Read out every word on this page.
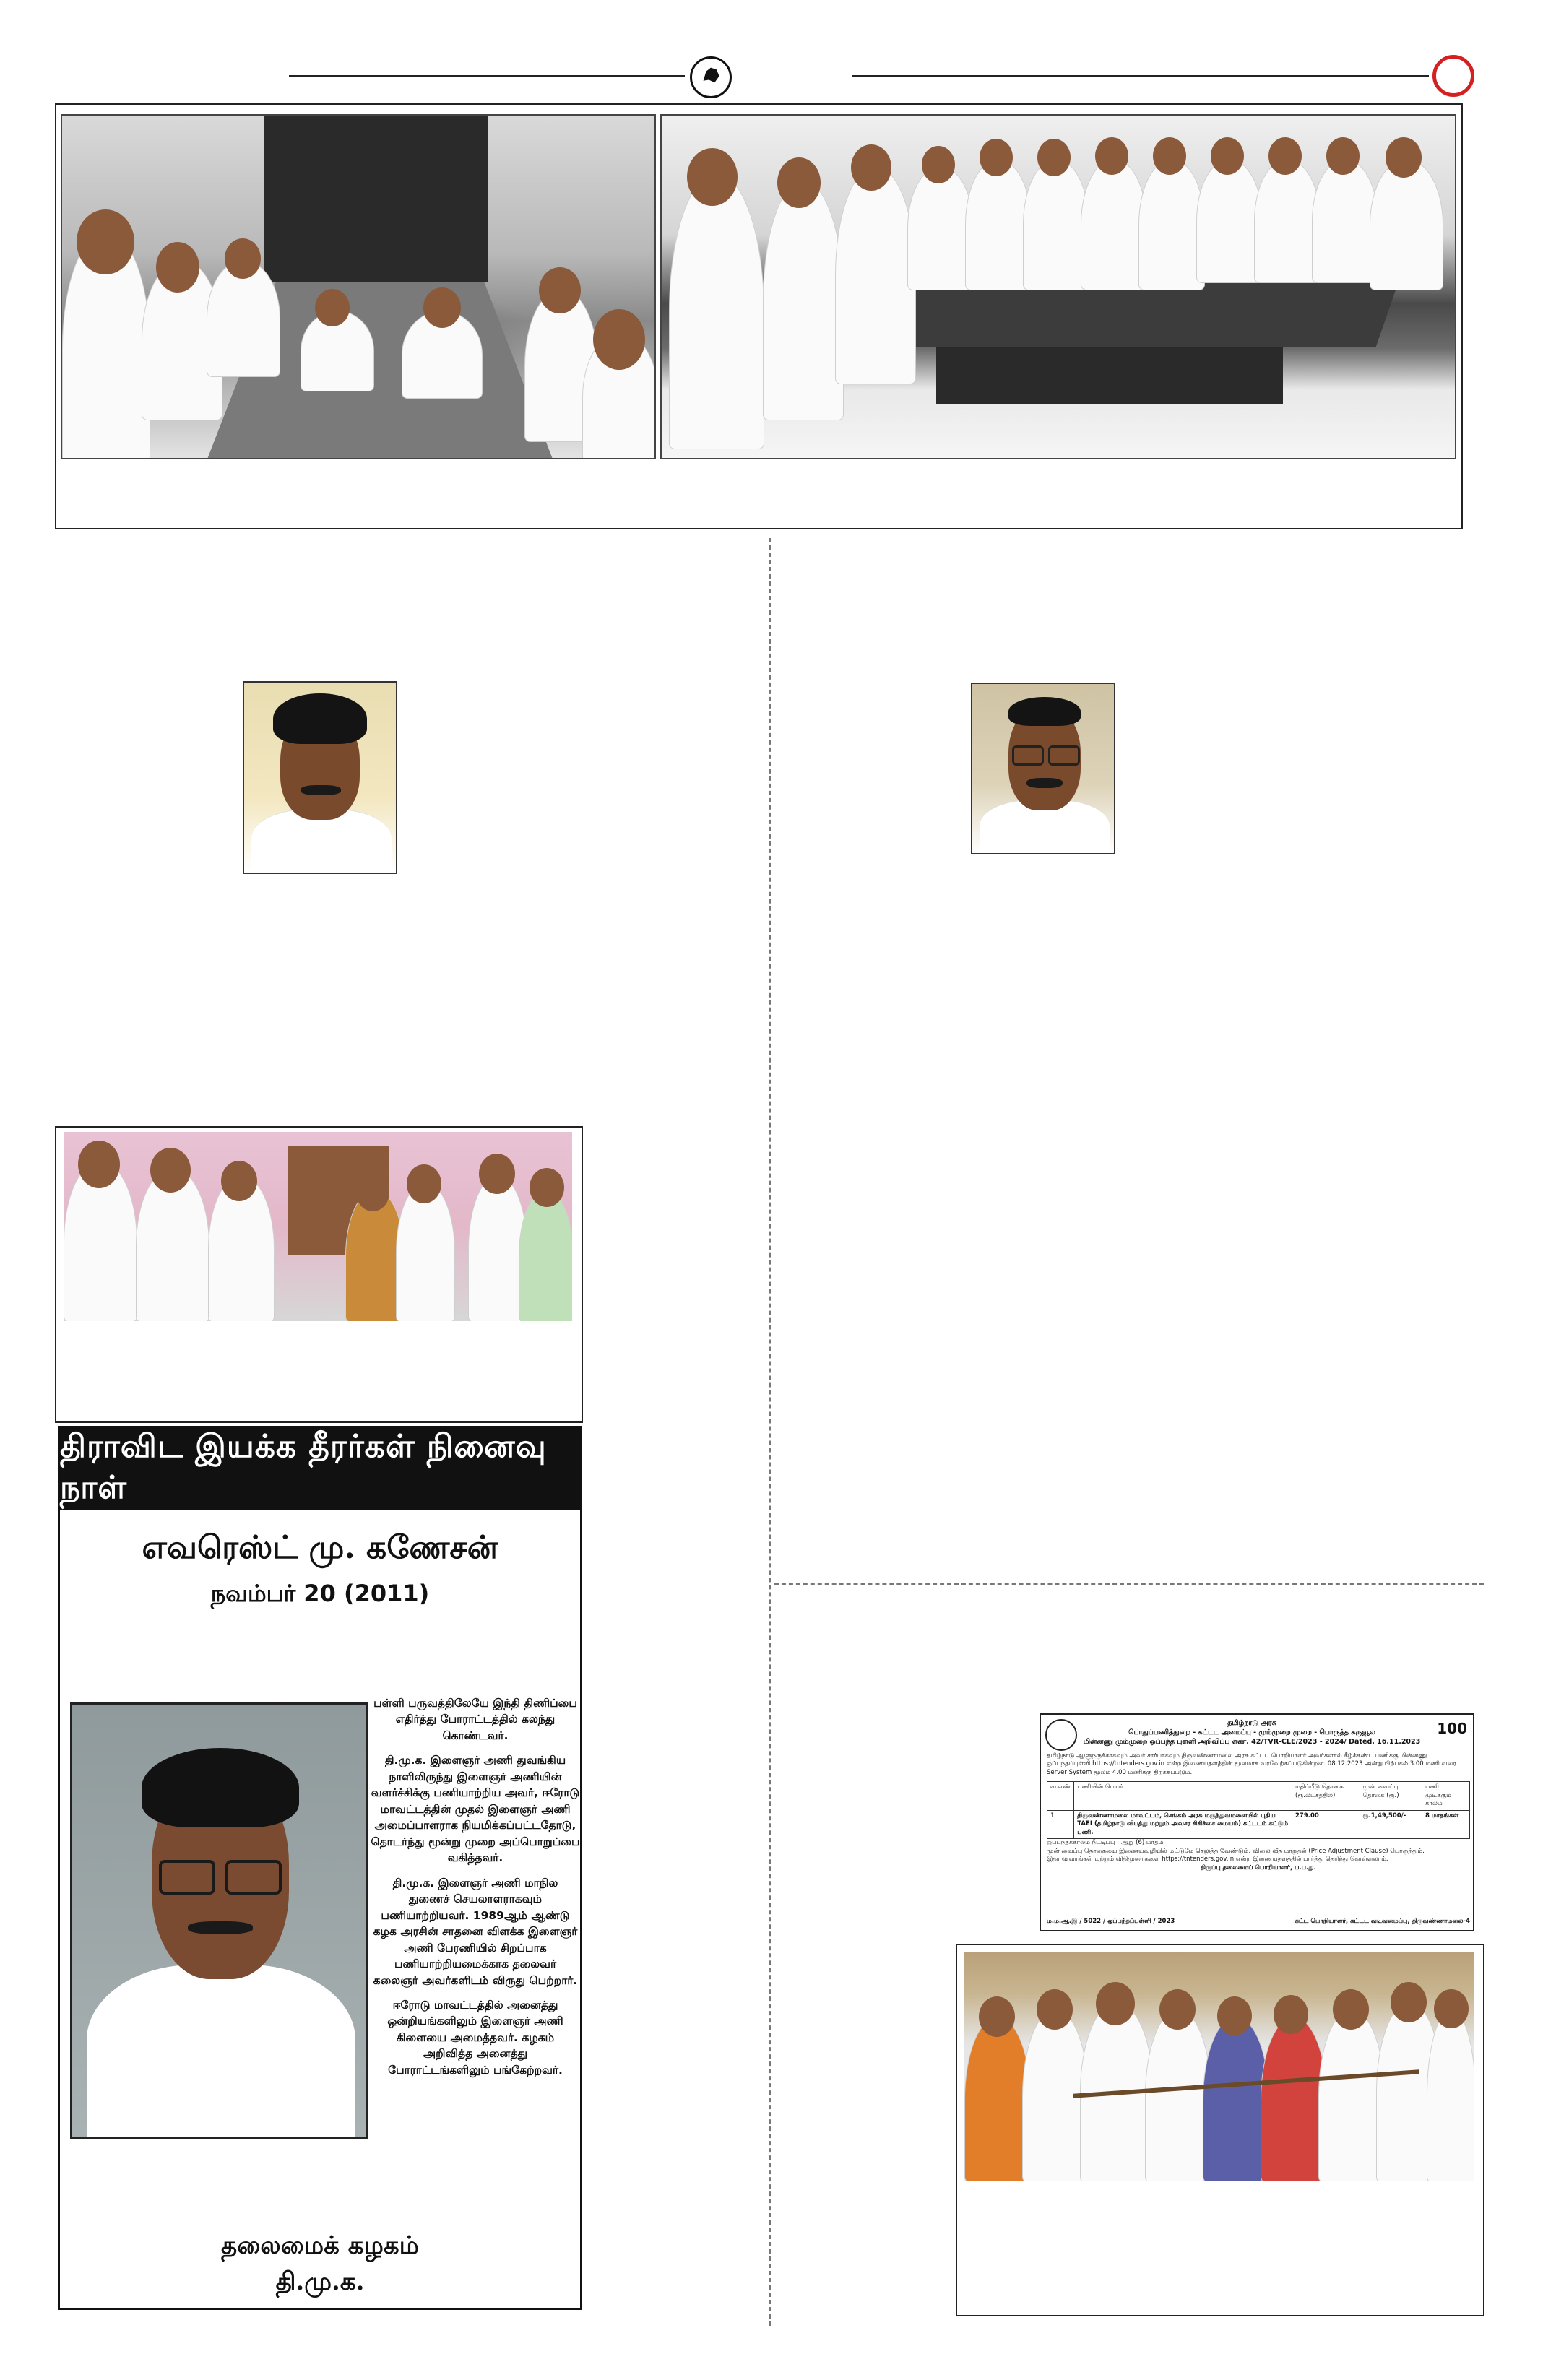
திராவிட இயக்க தீரர்கள் நினைவு நாள்
எவரெஸ்ட் மு. கணேசன்
நவம்பர் 20 (2011)

பள்ளி பருவத்திலேயே இந்தி திணிப்பை எதிர்த்து போராட்டத்தில் கலந்து கொண்டவர்.

தி.மு.க. இளைஞர் அணி துவங்கிய நாளிலிருந்து இளைஞர் அணியின் வளர்ச்சிக்கு பணியாற்றிய அவர், ஈரோடு மாவட்டத்தின் முதல் இளைஞர் அணி அமைப்பாளராக நியமிக்கப்பட்டதோடு, தொடர்ந்து மூன்று முறை அப்பொறுப்பை வகித்தவர்.

தி.மு.க. இளைஞர் அணி மாநில துணைச் செயலாளராகவும் பணியாற்றியவர். 1989ஆம் ஆண்டு கழக அரசின் சாதனை விளக்க இளைஞர் அணி பேரணியில் சிறப்பாக பணியாற்றியமைக்காக தலைவர் கலைஞர் அவர்களிடம் விருது பெற்றார்.

ஈரோடு மாவட்டத்தில் அனைத்து ஒன்றியங்களிலும் இளைஞர் அணி கிளையை அமைத்தவர். கழகம் அறிவித்த அனைத்து போராட்டங்களிலும் பங்கேற்றவர்.

தலைமைக் கழகம்
தி.மு.க.
தமிழ்நாடு அரசு
பொதுப்பணித்துறை - கட்டட அமைப்பு - மும்முறை முறை - பொருத்த கருவூல
மின்னணு மும்முறை ஒப்பந்த புள்ளி அறிவிப்பு எண். 42/TVR-CLE/2023 - 2024/ Dated. 16.11.2023
100
தமிழ்நாடு ஆளுநருக்காகவும் அவர் சார்பாகவும் திருவண்ணாமலை அரசு கட்டட பொறியாளர் அவர்களால் கீழ்க்கண்ட பணிக்கு மின்னணு ஒப்பந்தப்புள்ளி https://tntenders.gov.in என்ற இணையதளத்தின் மூலமாக வரவேற்கப்படுகின்றன. 08.12.2023 அன்று பிற்பகல் 3.00 மணி வரை Server System மூலம் 4.00 மணிக்கு திறக்கப்படும்.
வ.எண்	பணியின் பெயர்	மதிப்பீடு தொகை (ரூ.லட்சத்தில்)	முன் வைப்பு தொகை (ரூ.)	பணி முடிக்கும் காலம்
1	திருவண்ணாமலை மாவட்டம், செங்கம் அரசு மருத்துவமனையில் புதிய TAEI (தமிழ்நாடு விபத்து மற்றும் அவசர சிகிச்சை மையம்) கட்டடம் கட்டும் பணி.	279.00	ரூ.1,49,500/-	8 மாதங்கள்
ஒப்பந்தக்காலம் நீட்டிப்பு : ஆறு (6) மாதம்
முன் வைப்பு தொகையை இணையவழியில் மட்டுமே செலுத்த வேண்டும். விலை வீத மாறுதல் (Price Adjustment Clause) பொருந்தும்.
இதர விவரங்கள் மற்றும் விதிமுறைகளை https://tntenders.gov.in என்ற இணையதளத்தில் பார்த்து தெரிந்து கொள்ளலாம்.
திருப்பு தலைமைப் பொறியாளர், ப.ப.து.
ம.ம.ஆ.இ / 5022 / ஒப்பந்தப்புள்ளி / 2023	கட்ட பொறியாளர், கட்டட வடிவமைப்பு, திருவண்ணாமலை-4
